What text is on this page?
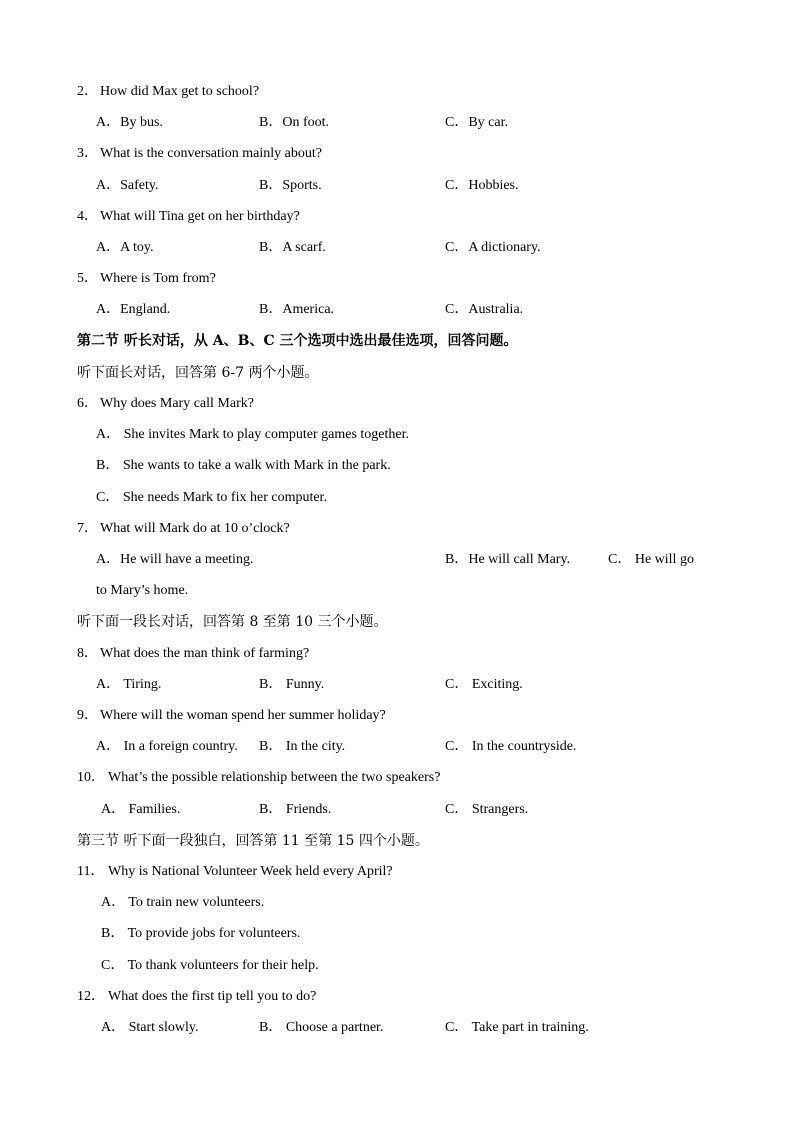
2． How did Max get to school?
A．By bus.	B．On foot.	C．By car.
3． What is the conversation mainly about?
A．Safety.	B．Sports.	C．Hobbies.
4． What will Tina get on her birthday?
A．A toy.	B．A scarf.	C．A dictionary.
5． Where is Tom from?
A．England.	B．America.	C．Australia.
第二节 听长对话，从 A、B、C 三个选项中选出最佳选项，回答问题。
听下面长对话，回答第 6-7 两个小题。
6． Why does Mary call Mark?
A． She invites Mark to play computer games together.
B． She wants to take a walk with Mark in the park.
C． She needs Mark to fix her computer.
7． What will Mark do at 10 o’clock?
A．He will have a meeting.	B．He will call Mary.	C． He will go
to Mary’s home.
听下面一段长对话，回答第 8 至第 10 三个小题。
8． What does the man think of farming?
A． Tiring.	B． Funny.	C． Exciting.
9． Where will the woman spend her summer holiday?
A． In a foreign country. B． In the city.	C． In the countryside.
10． What’s the possible relationship between the two speakers?
A． Families.	B． Friends.	C． Strangers.
第三节 听下面一段独白，回答第 11 至第 15 四个小题。
11． Why is National Volunteer Week held every April?
A． To train new volunteers.
B． To provide jobs for volunteers.
C． To thank volunteers for their help.
12． What does the first tip tell you to do?
A． Start slowly.	B． Choose a partner.	C． Take part in training.
